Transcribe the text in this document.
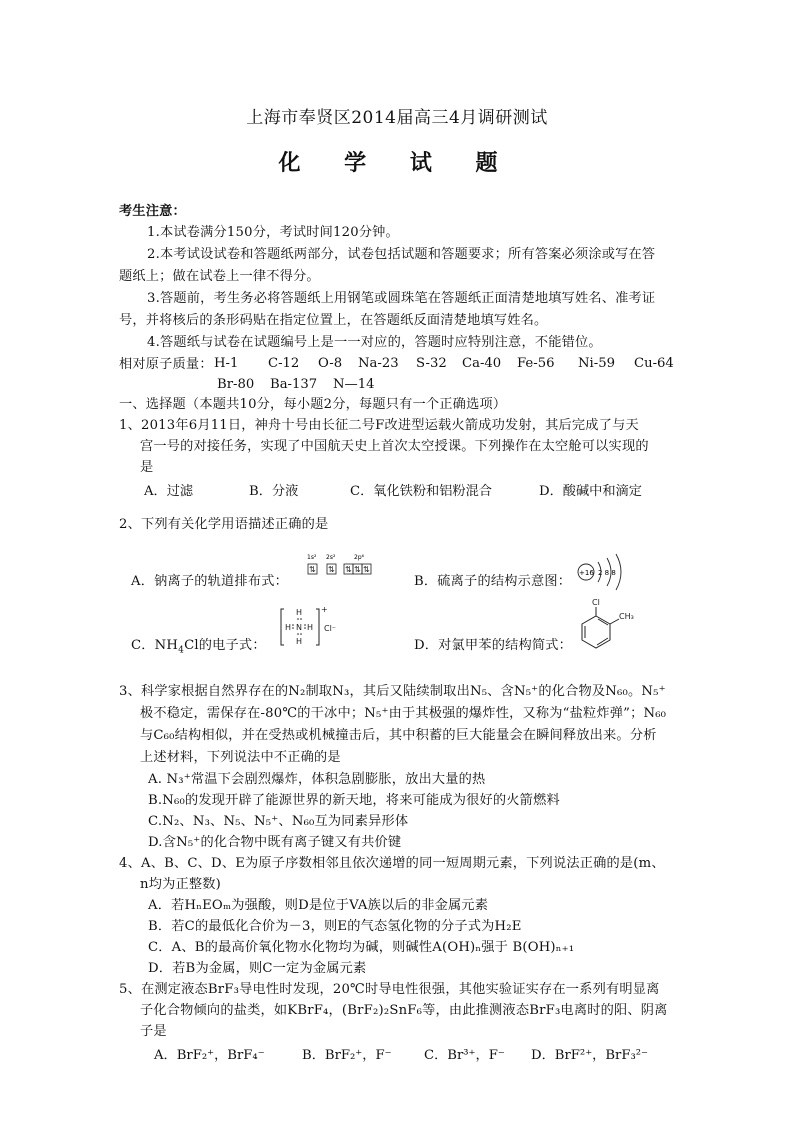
上海市奉贤区2014届高三4月调研测试
化 学 试 题
考生注意：
1.本试卷满分150分，考试时间120分钟。
2.本考试设试卷和答题纸两部分，试卷包括试题和答题要求；所有答案必须涂或写在答
题纸上；做在试卷上一律不得分。
3.答题前，考生务必将答题纸上用钢笔或圆珠笔在答题纸正面清楚地填写姓名、准考证
号，并将核后的条形码贴在指定位置上，在答题纸反面清楚地填写姓名。
4.答题纸与试卷在试题编号上是一一对应的，答题时应特别注意，不能错位。
相对原子质量： H-1 C-12 O-8 Na-23 S-32 Ca-40 Fe-56 Ni-59 Cu-64
Br-80 Ba-137 N—14
一、选择题（本题共10分，每小题2分，每题只有一个正确选项）
1、2013年6月11日，神舟十号由长征二号F改进型运载火箭成功发射，其后完成了与天
宫一号的对接任务，实现了中国航天史上首次太空授课。下列操作在太空舱可以实现的
是
A．过滤	B．分液	C．氧化铁粉和铝粉混合	D．酸碱中和滴定
2、下列有关化学用语描述正确的是
A．钠离子的轨道排布式：
1s² 2s²	2p⁶
⇅ ⇅ ⇅ ⇅ ⇅
B．硫离子的结构示意图：
+16 2 8 8
C．$NH_4Cl$的电子式：
H
H N H
H
+
Cl⁻
D．对氯甲苯的结构简式：
Cl
CH₃
3、科学家根据自然界存在的N₂制取N₃，其后又陆续制取出N₅、含N₅⁺的化合物及N₆₀。N₅⁺
极不稳定，需保存在-80℃的干冰中；N₅⁺由于其极强的爆炸性，又称为“盐粒炸弹”；N₆₀
与C₆₀结构相似，并在受热或机械撞击后，其中积蓄的巨大能量会在瞬间释放出来。分析
上述材料，下列说法中不正确的是
A. N₃⁺常温下会剧烈爆炸，体积急剧膨胀，放出大量的热
B.N₆₀的发现开辟了能源世界的新天地，将来可能成为很好的火箭燃料
C.N₂、N₃、N₅、N₅⁺、N₆₀互为同素异形体
D.含N₅⁺的化合物中既有离子键又有共价键
4、A、B、C、D、E为原子序数相邻且依次递增的同一短周期元素，下列说法正确的是(m、
n均为正整数)
A．若HₙEOₘ为强酸，则D是位于VA族以后的非金属元素
B．若C的最低化合价为－3，则E的气态氢化物的分子式为H₂E
C．A、B的最高价氧化物水化物均为碱，则碱性A(OH)ₙ强于 B(OH)ₙ₊₁
D．若B为金属，则C一定为金属元素
5、在测定液态BrF₃导电性时发现，20℃时导电性很强，其他实验证实存在一系列有明显离
子化合物倾向的盐类，如KBrF₄，(BrF₂)₂SnF₆等，由此推测液态BrF₃电离时的阳、阴离
子是
A．BrF₂⁺，BrF₄⁻	B．BrF₂⁺，F⁻ C．Br³⁺，F⁻ D．BrF²⁺，BrF₃²⁻
